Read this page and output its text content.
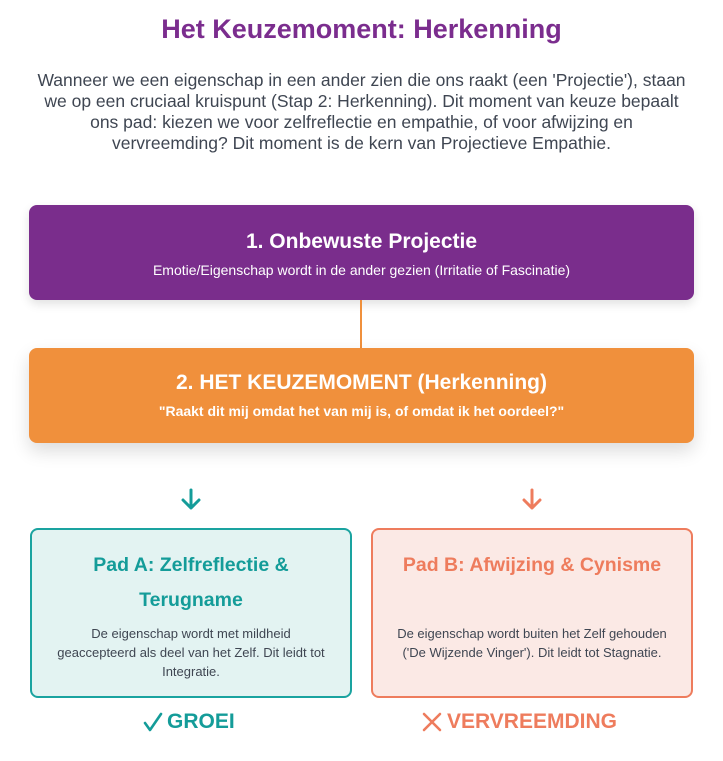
Het Keuzemoment: Herkenning
Wanneer we een eigenschap in een ander zien die ons raakt (een 'Projectie'), staan we op een cruciaal kruispunt (Stap 2: Herkenning). Dit moment van keuze bepaalt ons pad: kiezen we voor zelfreflectie en empathie, of voor afwijzing en vervreemding? Dit moment is de kern van Projectieve Empathie.
1. Onbewuste Projectie
Emotie/Eigenschap wordt in de ander gezien (Irritatie of Fascinatie)
2. HET KEUZEMOMENT (Herkenning)
"Raakt dit mij omdat het van mij is, of omdat ik het oordeel?"
Pad A: Zelfreflectie & Terugname
De eigenschap wordt met mildheid geaccepteerd als deel van het Zelf. Dit leidt tot Integratie.
Pad B: Afwijzing & Cynisme
De eigenschap wordt buiten het Zelf gehouden ('De Wijzende Vinger'). Dit leidt tot Stagnatie.
GROEI	VERVREEMDING
